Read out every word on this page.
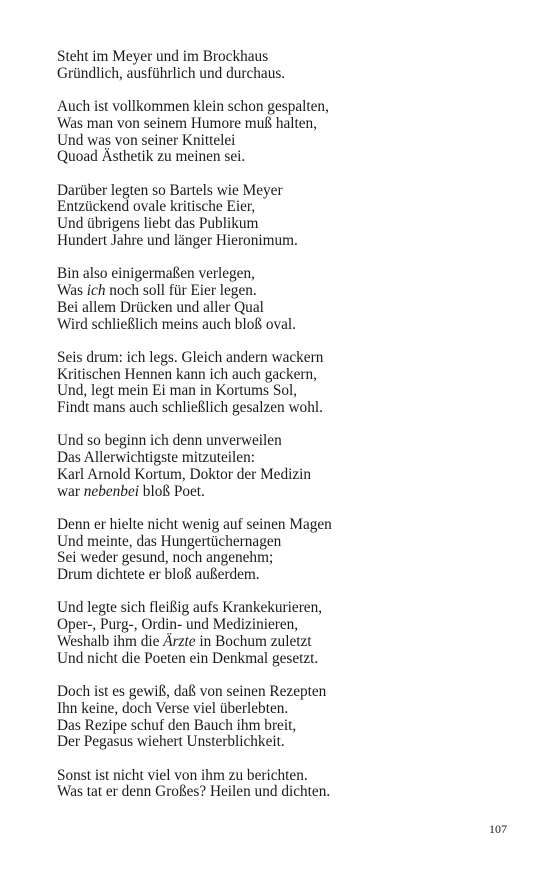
Steht im Meyer und im Brockhaus
Gründlich, ausführlich und durchaus.
Auch ist vollkommen klein schon gespalten,
Was man von seinem Humore muß halten,
Und was von seiner Knittelei
Quoad Ästhetik zu meinen sei.
Darüber legten so Bartels wie Meyer
Entzückend ovale kritische Eier,
Und übrigens liebt das Publikum
Hundert Jahre und länger Hieronimum.
Bin also einigermaßen verlegen,
Was ich noch soll für Eier legen.
Bei allem Drücken und aller Qual
Wird schließlich meins auch bloß oval.
Seis drum: ich legs. Gleich andern wackern
Kritischen Hennen kann ich auch gackern,
Und, legt mein Ei man in Kortums Sol,
Findt mans auch schließlich gesalzen wohl.
Und so beginn ich denn unverweilen
Das Allerwichtigste mitzuteilen:
Karl Arnold Kortum, Doktor der Medizin
war nebenbei bloß Poet.
Denn er hielte nicht wenig auf seinen Magen
Und meinte, das Hungertüchernagen
Sei weder gesund, noch angenehm;
Drum dichtete er bloß außerdem.
Und legte sich fleißig aufs Krankekurieren,
Oper-, Purg-, Ordin- und Medizinieren,
Weshalb ihm die Ärzte in Bochum zuletzt
Und nicht die Poeten ein Denkmal gesetzt.
Doch ist es gewiß, daß von seinen Rezepten
Ihn keine, doch Verse viel überlebten.
Das Rezipe schuf den Bauch ihm breit,
Der Pegasus wiehert Unsterblichkeit.
Sonst ist nicht viel von ihm zu berichten.
Was tat er denn Großes? Heilen und dichten.
107
